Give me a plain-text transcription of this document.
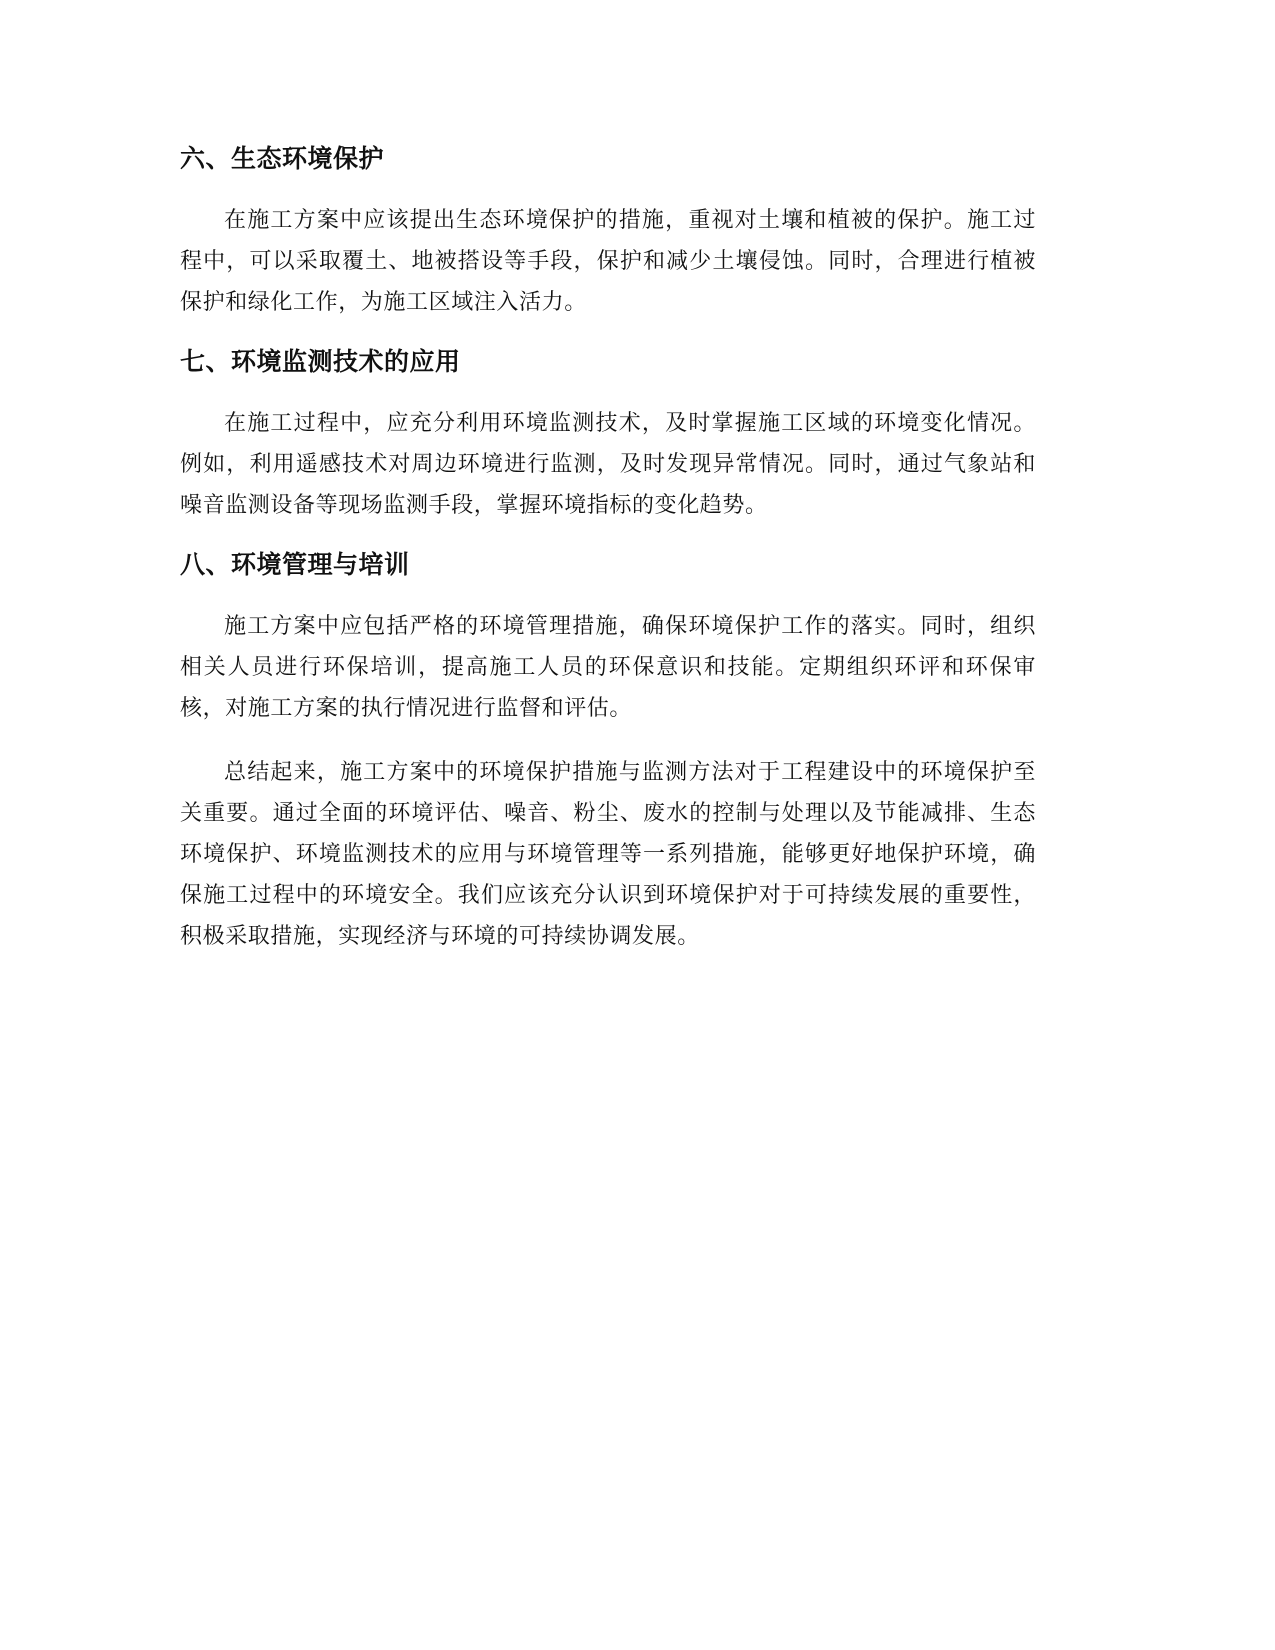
六、生态环境保护

在施工方案中应该提出生态环境保护的措施，重视对土壤和植被的保护。施工过程中，可以采取覆土、地被搭设等手段，保护和减少土壤侵蚀。同时，合理进行植被保护和绿化工作，为施工区域注入活力。

七、环境监测技术的应用

在施工过程中，应充分利用环境监测技术，及时掌握施工区域的环境变化情况。例如，利用遥感技术对周边环境进行监测，及时发现异常情况。同时，通过气象站和噪音监测设备等现场监测手段，掌握环境指标的变化趋势。

八、环境管理与培训

施工方案中应包括严格的环境管理措施，确保环境保护工作的落实。同时，组织相关人员进行环保培训，提高施工人员的环保意识和技能。定期组织环评和环保审核，对施工方案的执行情况进行监督和评估。

总结起来，施工方案中的环境保护措施与监测方法对于工程建设中的环境保护至关重要。通过全面的环境评估、噪音、粉尘、废水的控制与处理以及节能减排、生态环境保护、环境监测技术的应用与环境管理等一系列措施，能够更好地保护环境，确保施工过程中的环境安全。我们应该充分认识到环境保护对于可持续发展的重要性，积极采取措施，实现经济与环境的可持续协调发展。
